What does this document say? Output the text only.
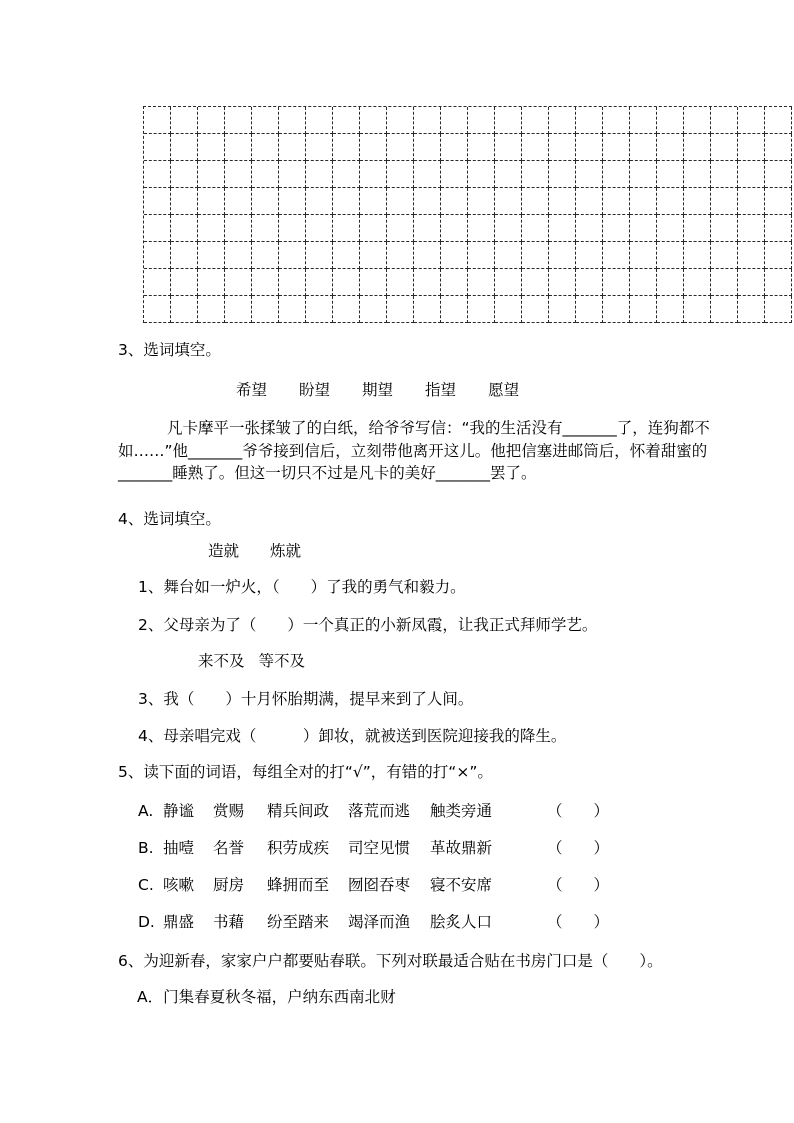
3、选词填空。
希望 盼望 期望 指望 愿望
凡卡摩平一张揉皱了的白纸，给爷爷写信：“我的生活没有_______了，连狗都不
如……”他_______爷爷接到信后，立刻带他离开这儿。他把信塞进邮筒后，怀着甜蜜的
_______睡熟了。但这一切只不过是凡卡的美好_______罢了。
4、选词填空。
造就 炼就
1、舞台如一炉火，（　　）了我的勇气和毅力。
2、父母亲为了（　　）一个真正的小新凤霞，让我正式拜师学艺。
来不及 等不及
3、我（　　）十月怀胎期满，提早来到了人间。
4、母亲唱完戏（　　　）卸妆，就被送到医院迎接我的降生。
5、读下面的词语，每组全对的打“√”，有错的打“×”。
A. 静谧	赏赐	精兵间政	落荒而逃	触类旁通	（　　）
B. 抽噎	名誉	积劳成疾	司空见惯	革故鼎新	（　　）
C. 咳嗽	厨房	蜂拥而至	囫囵吞枣	寝不安席	（　　）
D. 鼎盛	书藉	纷至踏来	竭泽而渔	脍炙人口	（　　）
6、为迎新春，家家户户都要贴春联。下列对联最适合贴在书房门口是（　　）。
A．门集春夏秋冬福，户纳东西南北财
